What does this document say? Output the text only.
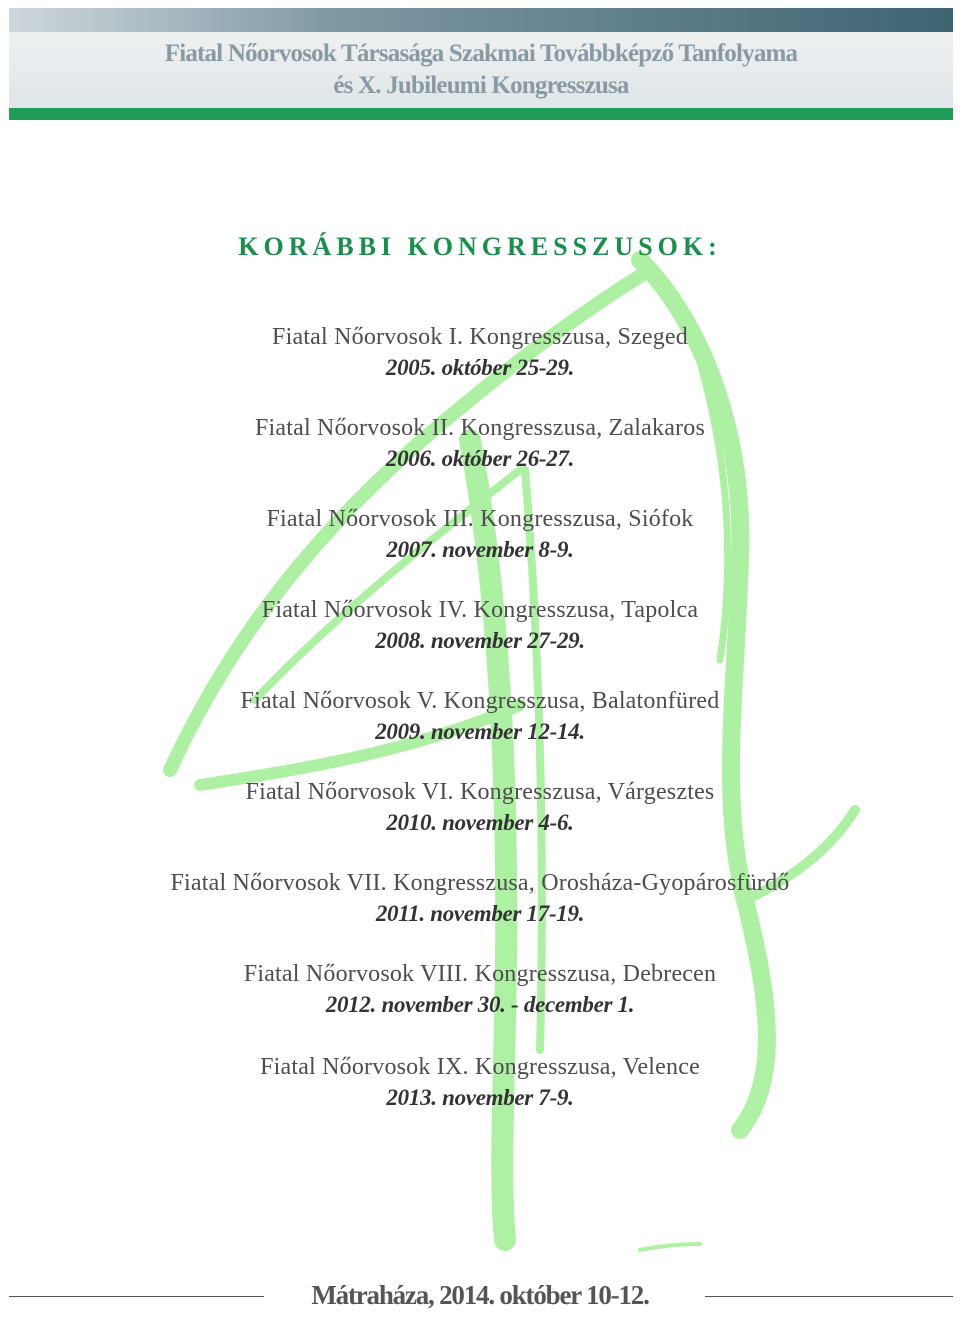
Fiatal Nőorvosok Társasága Szakmai Továbbképző Tanfolyama
és X. Jubileumi Kongresszusa
KORÁBBI KONGRESSZUSOK:
Fiatal Nőorvosok I. Kongresszusa, Szeged
2005. október 25-29.
Fiatal Nőorvosok II. Kongresszusa, Zalakaros
2006. október 26-27.
Fiatal Nőorvosok III. Kongresszusa, Siófok
2007. november 8-9.
Fiatal Nőorvosok IV. Kongresszusa, Tapolca
2008. november 27-29.
Fiatal Nőorvosok V. Kongresszusa, Balatonfüred
2009. november 12-14.
Fiatal Nőorvosok VI. Kongresszusa, Várgesztes
2010. november 4-6.
Fiatal Nőorvosok VII. Kongresszusa, Orosháza-Gyopárosfürdő
2011. november 17-19.
Fiatal Nőorvosok VIII. Kongresszusa, Debrecen
2012. november 30. - december 1.
Fiatal Nőorvosok IX. Kongresszusa, Velence
2013. november 7-9.
Mátraháza, 2014. október 10-12.
